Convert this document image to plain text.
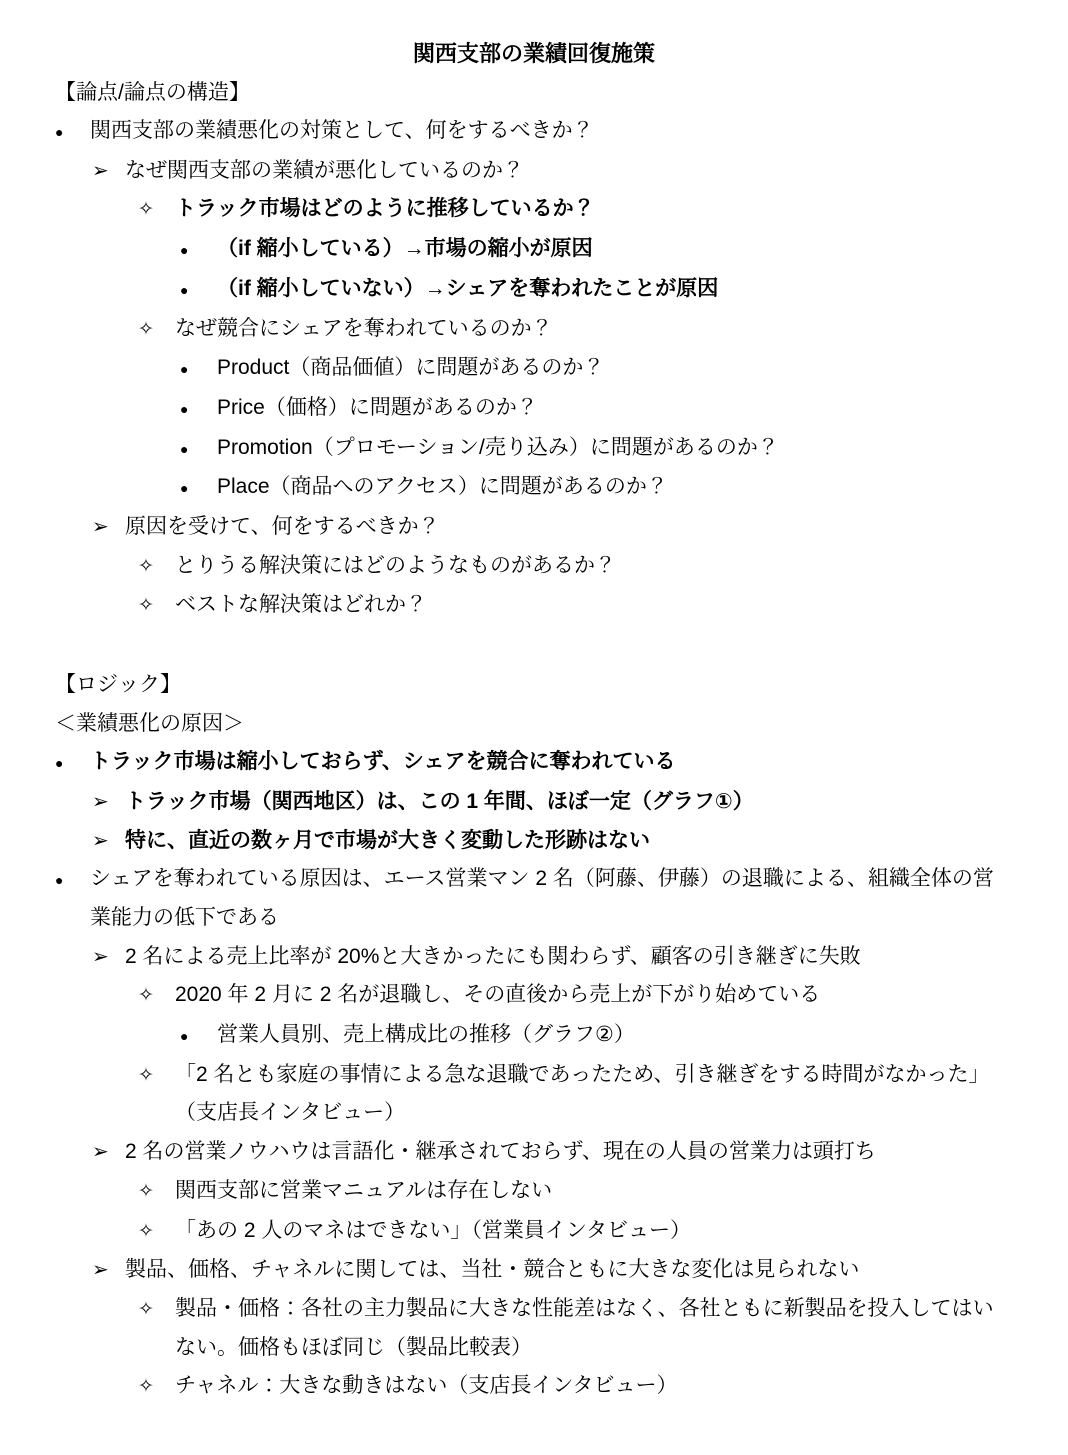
関西支部の業績回復施策
【論点/論点の構造】
●	関西支部の業績悪化の対策として、何をするべきか？
➢ なぜ関西支部の業績が悪化しているのか？
✧	トラック市場はどのように推移しているか？
●	（if 縮小している）→市場の縮小が原因
●	（if 縮小していない）→シェアを奪われたことが原因
✧	なぜ競合にシェアを奪われているのか？
●	Product（商品価値）に問題があるのか？
●	Price（価格）に問題があるのか？
●	Promotion（プロモーション/売り込み）に問題があるのか？
●	Place（商品へのアクセス）に問題があるのか？
➢ 原因を受けて、何をするべきか？
✧	とりうる解決策にはどのようなものがあるか？
✧	ベストな解決策はどれか？
【ロジック】
＜業績悪化の原因＞
●	トラック市場は縮小しておらず、シェアを競合に奪われている
➢ トラック市場（関西地区）は、この 1 年間、ほぼ一定（グラフ①）
➢ 特に、直近の数ヶ月で市場が大きく変動した形跡はない
●	シェアを奪われている原因は、エース営業マン 2 名（阿藤、伊藤）の退職による、組織全体の営業能力の低下である
➢ 2 名による売上比率が 20%と大きかったにも関わらず、顧客の引き継ぎに失敗
✧	2020 年 2 月に 2 名が退職し、その直後から売上が下がり始めている
●	営業人員別、売上構成比の推移（グラフ②）
✧	「2 名とも家庭の事情による急な退職であったため、引き継ぎをする時間がなかった」（支店長インタビュー）
➢ 2 名の営業ノウハウは言語化・継承されておらず、現在の人員の営業力は頭打ち
✧	関西支部に営業マニュアルは存在しない
✧	「あの 2 人のマネはできない」（営業員インタビュー）
➢ 製品、価格、チャネルに関しては、当社・競合ともに大きな変化は見られない
✧	製品・価格：各社の主力製品に大きな性能差はなく、各社ともに新製品を投入してはいない。価格もほぼ同じ（製品比較表）
✧	チャネル：大きな動きはない（支店長インタビュー）
